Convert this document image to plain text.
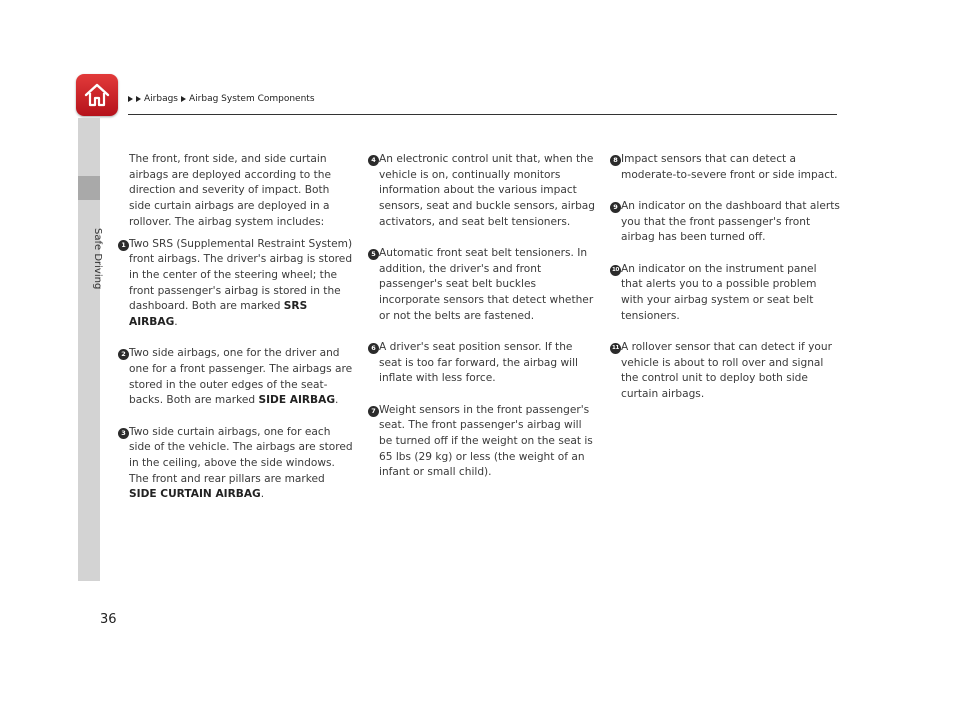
Airbags Airbag System Components
Safe Driving
The front, front side, and side curtain airbags are deployed according to the direction and severity of impact. Both side curtain airbags are deployed in a rollover. The airbag system includes:
1 Two SRS (Supplemental Restraint System) front airbags. The driver's airbag is stored in the center of the steering wheel; the front passenger's airbag is stored in the dashboard. Both are marked SRS AIRBAG.
2 Two side airbags, one for the driver and one for a front passenger. The airbags are stored in the outer edges of the seat-backs. Both are marked SIDE AIRBAG.
3 Two side curtain airbags, one for each side of the vehicle. The airbags are stored in the ceiling, above the side windows. The front and rear pillars are marked SIDE CURTAIN AIRBAG.
4 An electronic control unit that, when the vehicle is on, continually monitors information about the various impact sensors, seat and buckle sensors, airbag activators, and seat belt tensioners.
5 Automatic front seat belt tensioners. In addition, the driver's and front passenger's seat belt buckles incorporate sensors that detect whether or not the belts are fastened.
6 A driver's seat position sensor. If the seat is too far forward, the airbag will inflate with less force.
7 Weight sensors in the front passenger's seat. The front passenger's airbag will be turned off if the weight on the seat is 65 lbs (29 kg) or less (the weight of an infant or small child).
8 Impact sensors that can detect a moderate-to-severe front or side impact.
9 An indicator on the dashboard that alerts you that the front passenger's front airbag has been turned off.
10 An indicator on the instrument panel that alerts you to a possible problem with your airbag system or seat belt tensioners.
11 A rollover sensor that can detect if your vehicle is about to roll over and signal the control unit to deploy both side curtain airbags.
36
